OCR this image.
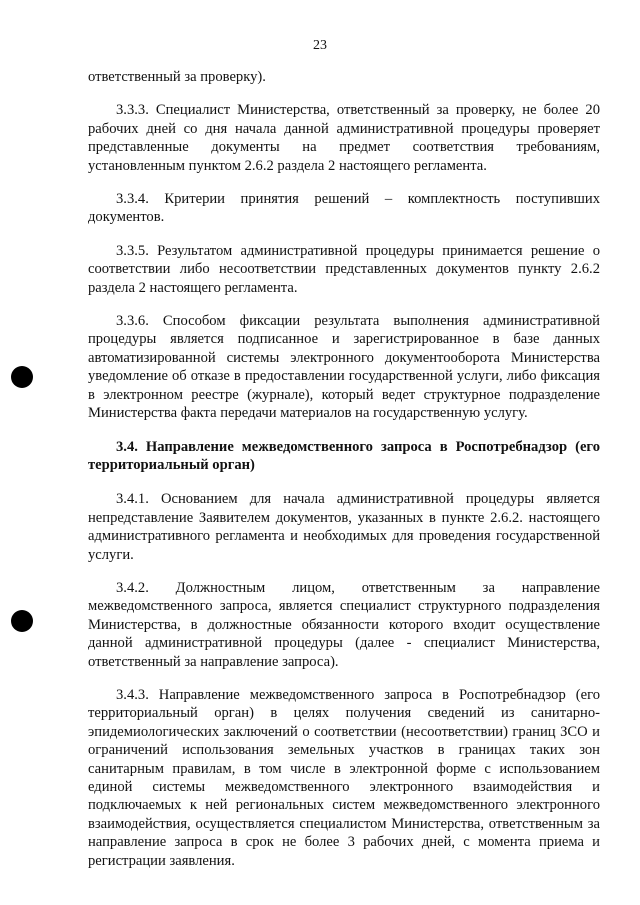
23

ответственный за проверку).

3.3.3. Специалист Министерства, ответственный за проверку, не более 20 рабочих дней со дня начала данной административной процедуры проверяет представленные документы на предмет соответствия требованиям, установленным пунктом 2.6.2 раздела 2 настоящего регламента.

3.3.4. Критерии принятия решений – комплектность поступивших документов.

3.3.5. Результатом административной процедуры принимается решение о соответствии либо несоответствии представленных документов пункту 2.6.2 раздела 2 настоящего регламента.

3.3.6. Способом фиксации результата выполнения административной процедуры является подписанное и зарегистрированное в базе данных автоматизированной системы электронного документооборота Министерства уведомление об отказе в предоставлении государственной услуги, либо фиксация в электронном реестре (журнале), который ведет структурное подразделение Министерства факта передачи материалов на государственную услугу.

3.4. Направление межведомственного запроса в Роспотребнадзор (его территориальный орган)

3.4.1. Основанием для начала административной процедуры является непредставление Заявителем документов, указанных в пункте 2.6.2. настоящего административного регламента и необходимых для проведения государственной услуги.

3.4.2. Должностным лицом, ответственным за направление межведомственного запроса, является специалист структурного подразделения Министерства, в должностные обязанности которого входит осуществление данной административной процедуры (далее - специалист Министерства, ответственный за направление запроса).

3.4.3. Направление межведомственного запроса в Роспотребнадзор (его территориальный орган) в целях получения сведений из санитарно-эпидемиологических заключений о соответствии (несоответствии) границ ЗСО и ограничений использования земельных участков в границах таких зон санитарным правилам, в том числе в электронной форме с использованием единой системы межведомственного электронного взаимодействия и подключаемых к ней региональных систем межведомственного электронного взаимодействия, осуществляется специалистом Министерства, ответственным за направление запроса в срок не более 3 рабочих дней, с момента приема и регистрации заявления.
